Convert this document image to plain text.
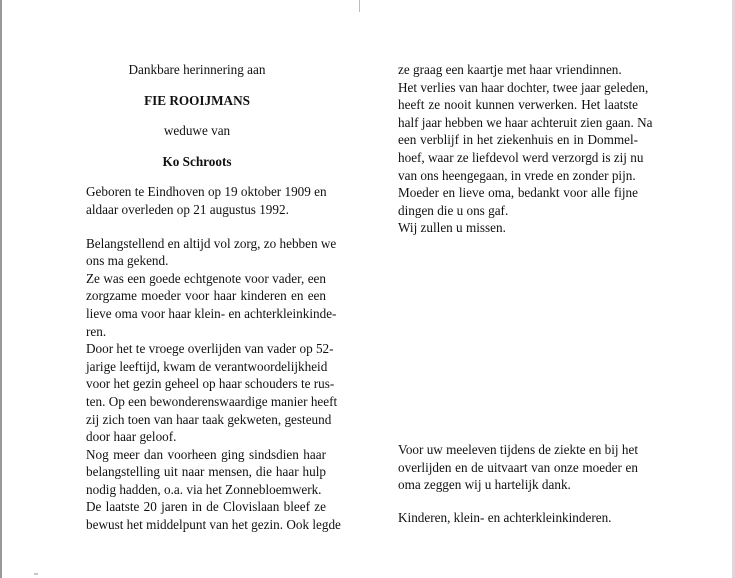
Dankbare herinnering aan
FIE ROOIJMANS
weduwe van
Ko Schroots
Geboren te Eindhoven op 19 oktober 1909 en
aldaar overleden op 21 augustus 1992.
Belangstellend en altijd vol zorg, zo hebben we
ons ma gekend.
Ze was een goede echtgenote voor vader, een
zorgzame moeder voor haar kinderen en een
lieve oma voor haar klein- en achterkleinkinde-
ren.
Door het te vroege overlijden van vader op 52-
jarige leeftijd, kwam de verantwoordelijkheid
voor het gezin geheel op haar schouders te rus-
ten. Op een bewonderenswaardige manier heeft
zij zich toen van haar taak gekweten, gesteund
door haar geloof.
Nog meer dan voorheen ging sindsdien haar
belangstelling uit naar mensen, die haar hulp
nodig hadden, o.a. via het Zonnebloemwerk.
De laatste 20 jaren in de Clovislaan bleef ze
bewust het middelpunt van het gezin. Ook legde
ze graag een kaartje met haar vriendinnen.
Het verlies van haar dochter, twee jaar geleden,
heeft ze nooit kunnen verwerken. Het laatste
half jaar hebben we haar achteruit zien gaan. Na
een verblijf in het ziekenhuis en in Dommel-
hoef, waar ze liefdevol werd verzorgd is zij nu
van ons heengegaan, in vrede en zonder pijn.
Moeder en lieve oma, bedankt voor alle fijne
dingen die u ons gaf.
Wij zullen u missen.
Voor uw meeleven tijdens de ziekte en bij het
overlijden en de uitvaart van onze moeder en
oma zeggen wij u hartelijk dank.
Kinderen, klein- en achterkleinkinderen.
